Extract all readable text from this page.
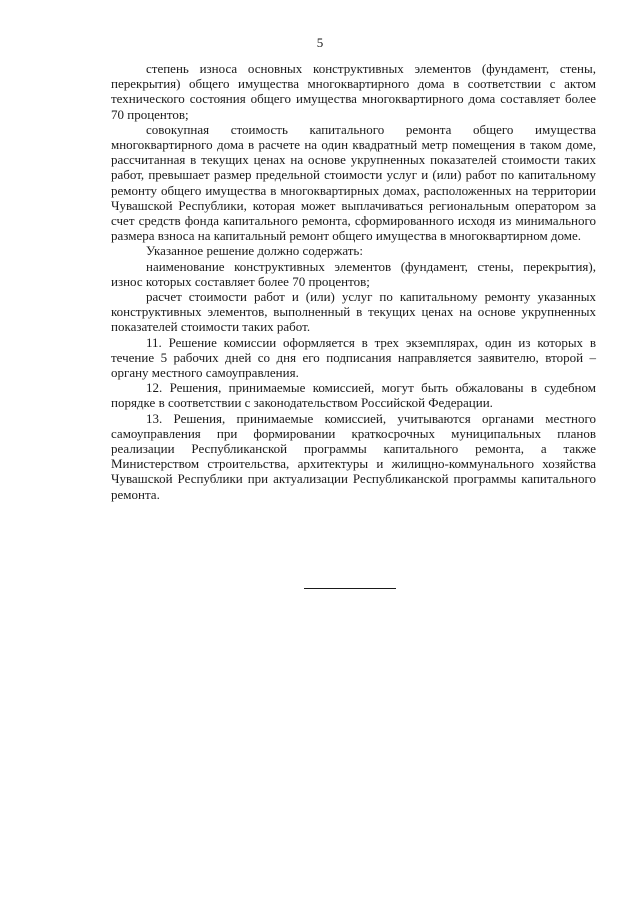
5

степень износа основных конструктивных элементов (фундамент, стены, перекрытия) общего имущества многоквартирного дома в соответствии с актом технического состояния общего имущества многоквартирного дома составляет более 70 процентов;

совокупная стоимость капитального ремонта общего имущества многоквартирного дома в расчете на один квадратный метр помещения в таком доме, рассчитанная в текущих ценах на основе укрупненных показателей стоимости таких работ, превышает размер предельной стоимости услуг и (или) работ по капитальному ремонту общего имущества в многоквартирных домах, расположенных на территории Чувашской Республики, которая может выплачиваться региональным оператором за счет средств фонда капитального ремонта, сформированного исходя из минимального размера взноса на капитальный ремонт общего имущества в многоквартирном доме.

Указанное решение должно содержать:

наименование конструктивных элементов (фундамент, стены, перекрытия), износ которых составляет более 70 процентов;

расчет стоимости работ и (или) услуг по капитальному ремонту указанных конструктивных элементов, выполненный в текущих ценах на основе укрупненных показателей стоимости таких работ.

11. Решение комиссии оформляется в трех экземплярах, один из которых в течение 5 рабочих дней со дня его подписания направляется заявителю, второй – органу местного самоуправления.

12. Решения, принимаемые комиссией, могут быть обжалованы в судебном порядке в соответствии с законодательством Российской Федерации.

13. Решения, принимаемые комиссией, учитываются органами местного самоуправления при формировании краткосрочных муниципальных планов реализации Республиканской программы капитального ремонта, а также Министерством строительства, архитектуры и жилищно-коммунального хозяйства Чувашской Республики при актуализации Республиканской программы капитального ремонта.
